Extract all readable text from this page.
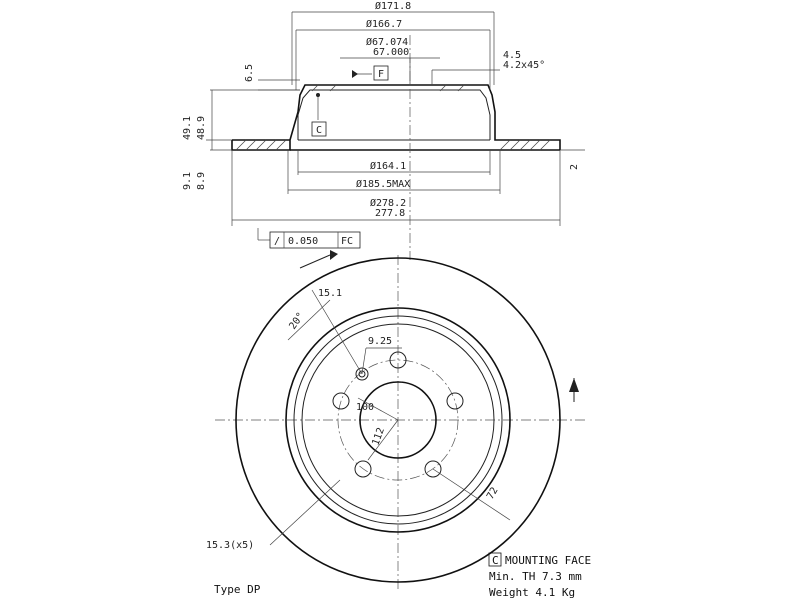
Ø171.8
Ø166.7
Ø67.074
67.000	4.5
4.2x45°
F
6.5
C
49.1 48.9
9.1 8.9
2
Ø164.1
Ø185.5MAX
Ø278.2
277.8
/ 0.050 FC
15.1
20°
9.25
100
112
72
15.3(x5)
C MOUNTING FACE
Min. TH 7.3 mm
Weight 4.1 Kg
Type DP
